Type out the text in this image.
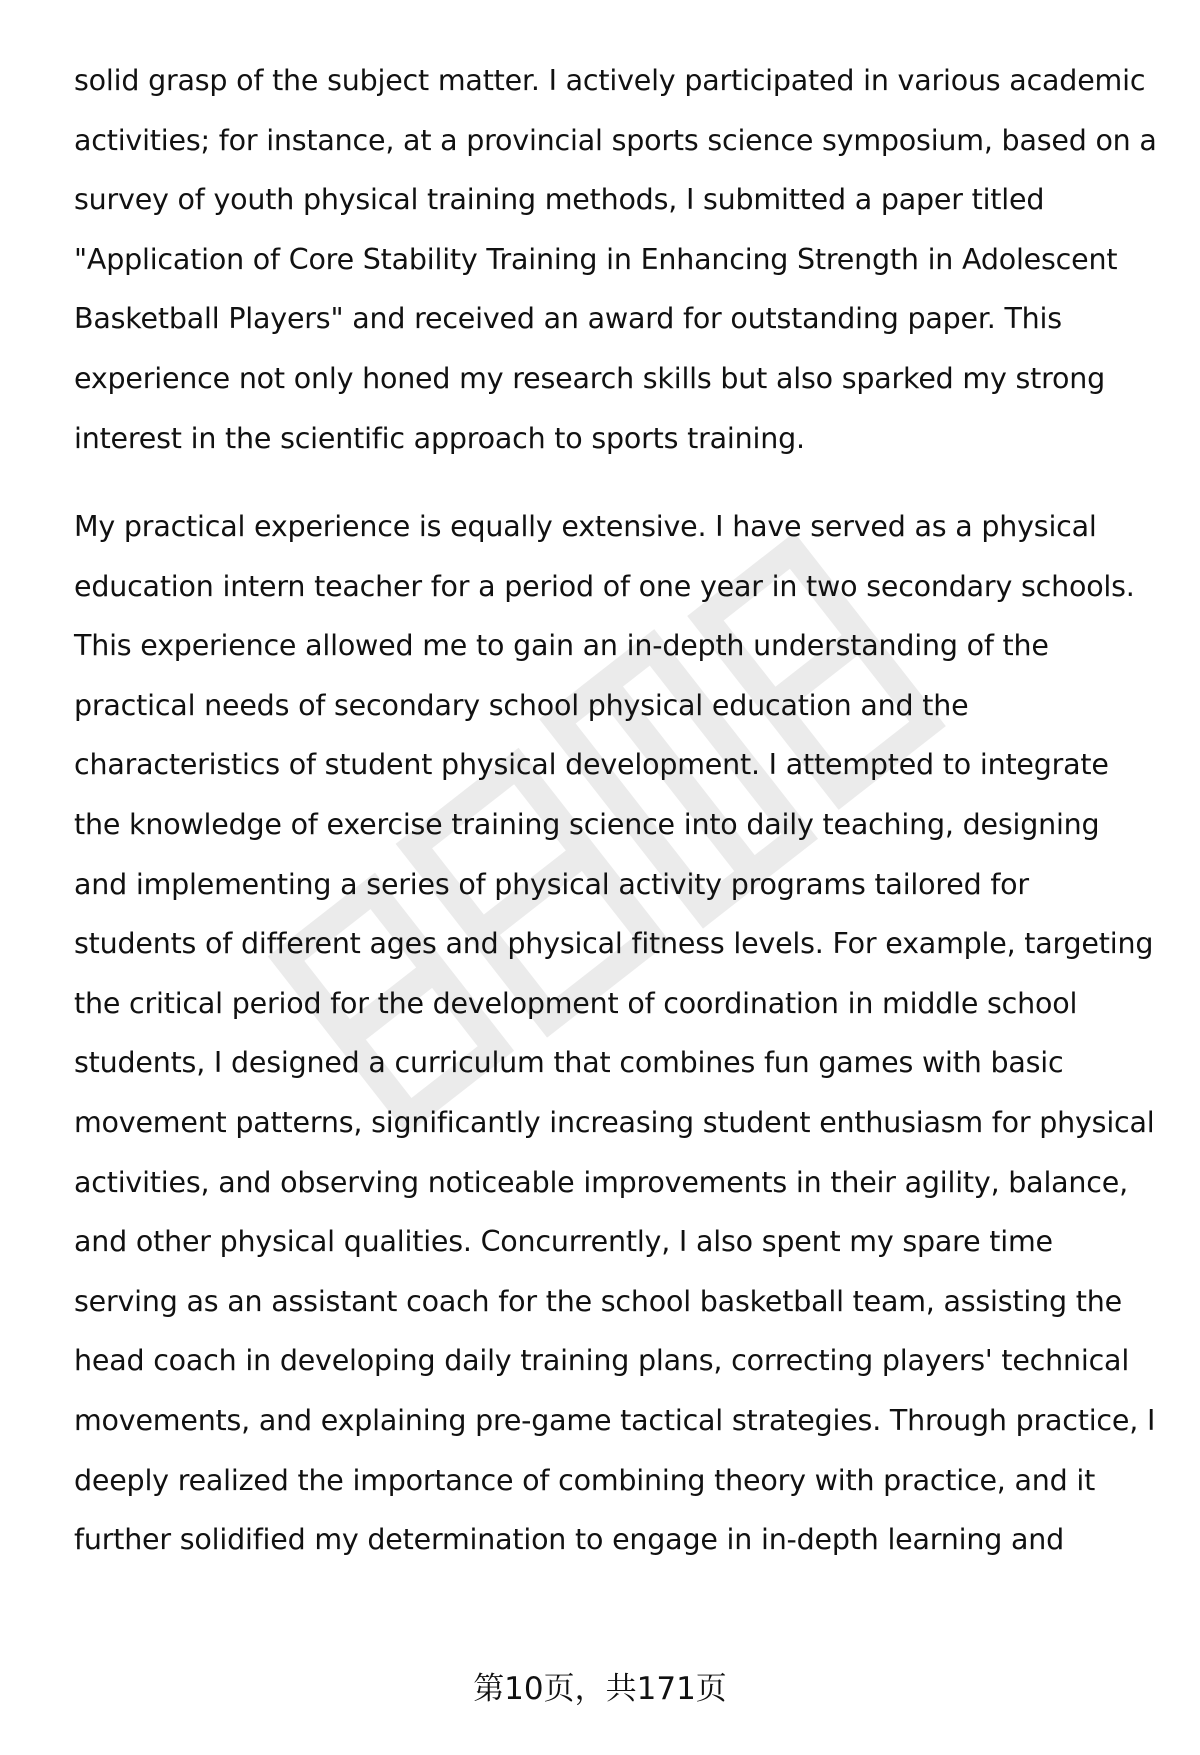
solid grasp of the subject matter. I actively participated in various academic
activities; for instance, at a provincial sports science symposium, based on a
survey of youth physical training methods, I submitted a paper titled
"Application of Core Stability Training in Enhancing Strength in Adolescent
Basketball Players" and received an award for outstanding paper. This
experience not only honed my research skills but also sparked my strong
interest in the scientific approach to sports training.
My practical experience is equally extensive. I have served as a physical
education intern teacher for a period of one year in two secondary schools.
This experience allowed me to gain an in-depth understanding of the
practical needs of secondary school physical education and the
characteristics of student physical development. I attempted to integrate
the knowledge of exercise training science into daily teaching, designing
and implementing a series of physical activity programs tailored for
students of different ages and physical fitness levels. For example, targeting
the critical period for the development of coordination in middle school
students, I designed a curriculum that combines fun games with basic
movement patterns, significantly increasing student enthusiasm for physical
activities, and observing noticeable improvements in their agility, balance,
and other physical qualities. Concurrently, I also spent my spare time
serving as an assistant coach for the school basketball team, assisting the
head coach in developing daily training plans, correcting players' technical
movements, and explaining pre-game tactical strategies. Through practice, I
deeply realized the importance of combining theory with practice, and it
further solidified my determination to engage in in-depth learning and
第10页，共171页
